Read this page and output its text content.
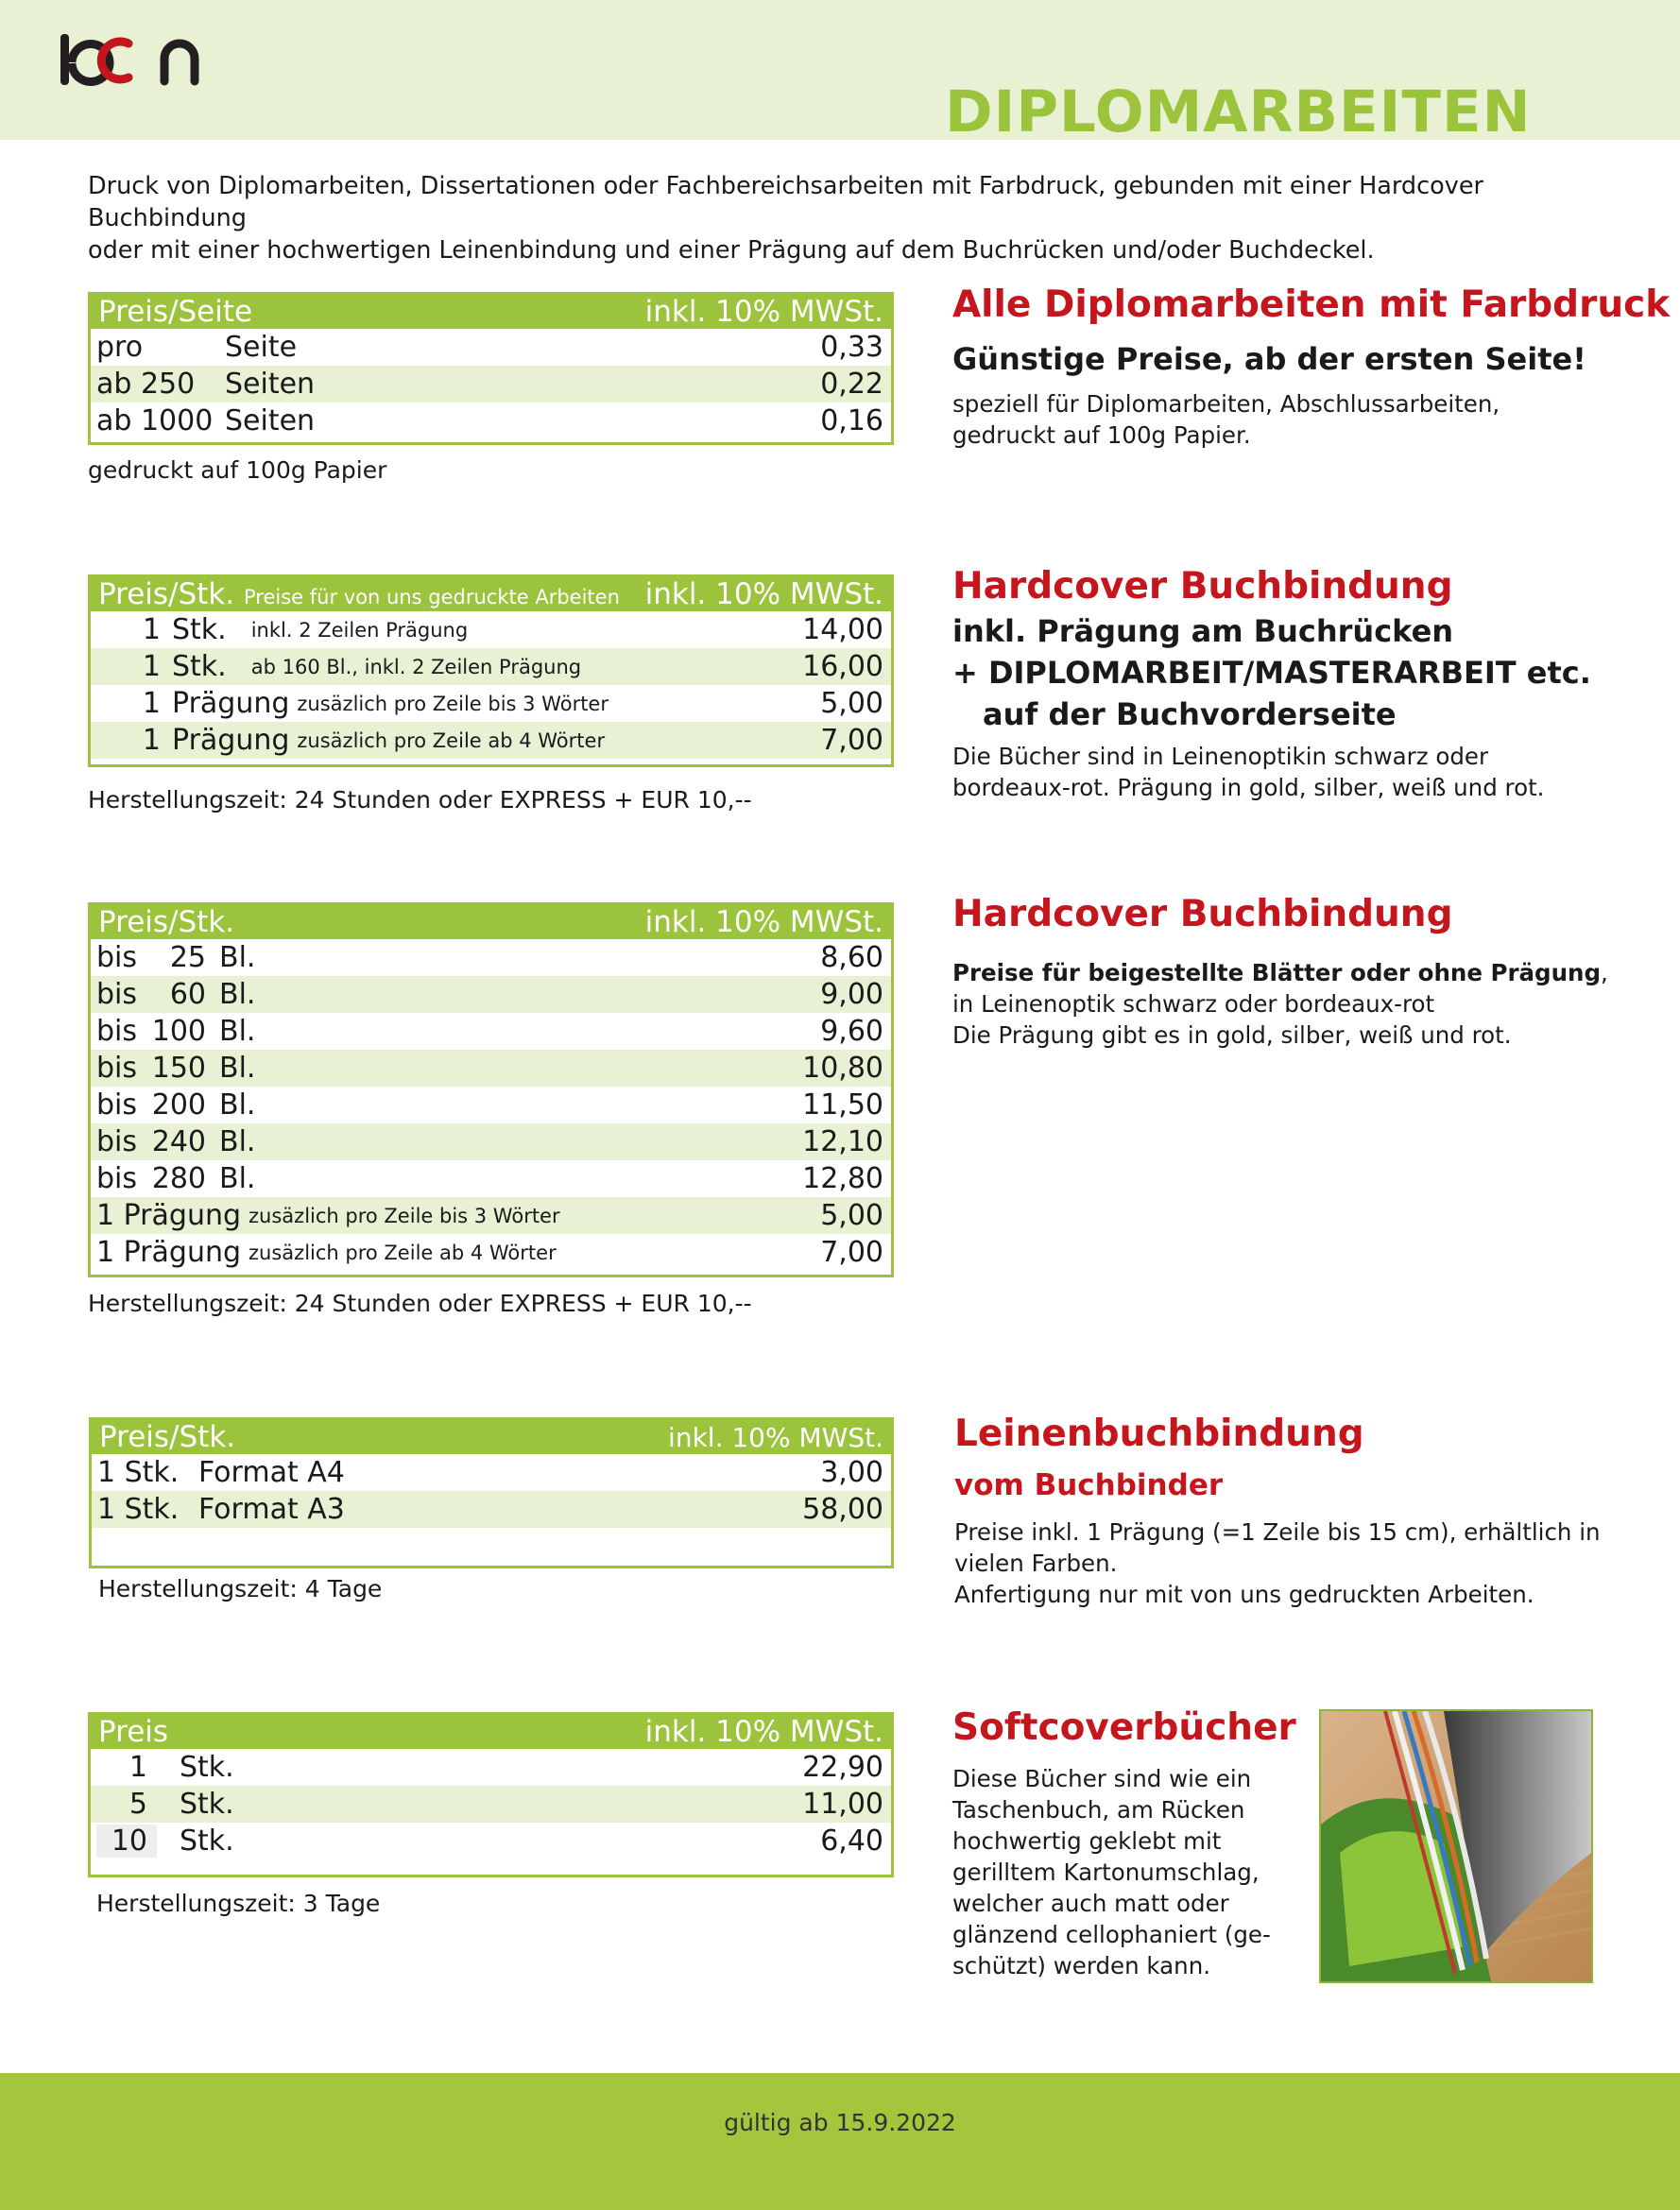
DIPLOMARBEITEN
Druck von Diplomarbeiten, Dissertationen oder Fachbereichsarbeiten mit Farbdruck, gebunden mit einer Hardcover Buchbindung
oder mit einer hochwertigen Leinenbindung und einer Prägung auf dem Buchrücken und/oder Buchdeckel.
Preis/Seite	inkl. 10% MWSt.
pro	Seite	0,33
ab 250	Seiten	0,22
ab 1000 Seiten	0,16
gedruckt auf 100g Papier
Alle Diplomarbeiten mit Farbdruck
Günstige Preise, ab der ersten Seite!
speziell für Diplomarbeiten, Abschlussarbeiten,
gedruckt auf 100g Papier.
Preis/Stk. Preise für von uns gedruckte Arbeiten inkl. 10% MWSt.
1 Stk. inkl. 2 Zeilen Prägung	14,00
1 Stk. ab 160 Bl., inkl. 2 Zeilen Prägung	16,00
1 Prägung zusäzlich pro Zeile bis 3 Wörter	5,00
1 Prägung zusäzlich pro Zeile ab 4 Wörter	7,00
Herstellungszeit: 24 Stunden oder EXPRESS + EUR 10,--
Hardcover Buchbindung
inkl. Prägung am Buchrücken
+ DIPLOMARBEIT/MASTERARBEIT etc.
auf der Buchvorderseite
Die Bücher sind in Leinenoptikin schwarz oder
bordeaux-rot. Prägung in gold, silber, weiß und rot.
Preis/Stk.	inkl. 10% MWSt.
bis	25 Bl.	8,60
bis	60 Bl.	9,00
bis 100 Bl.	9,60
bis 150 Bl.	10,80
bis 200 Bl.	11,50
bis 240 Bl.	12,10
bis 280 Bl.	12,80
1 Prägung zusäzlich pro Zeile bis 3 Wörter	5,00
1 Prägung zusäzlich pro Zeile ab 4 Wörter	7,00
Herstellungszeit: 24 Stunden oder EXPRESS + EUR 10,--
Hardcover Buchbindung
Preise für beigestellte Blätter oder ohne Prägung,
in Leinenoptik schwarz oder bordeaux-rot
Die Prägung gibt es in gold, silber, weiß und rot.
Preis/Stk.	inkl. 10% MWSt.
1 Stk. Format A4	3,00
1 Stk. Format A3	58,00
Herstellungszeit: 4 Tage
Leinenbuchbindung
vom Buchbinder
Preise inkl. 1 Prägung (=1 Zeile bis 15 cm), erhältlich in
vielen Farben.
Anfertigung nur mit von uns gedruckten Arbeiten.
Preis	inkl. 10% MWSt.
1	Stk.	22,90
5	Stk.	11,00
10	Stk.	6,40
Herstellungszeit: 3 Tage
Softcoverbücher
Diese Bücher sind wie ein
Taschenbuch, am Rücken
hochwertig geklebt mit
gerilltem Kartonumschlag,
welcher auch matt oder
glänzend cellophaniert (ge-
schützt) werden kann.
gültig ab 15.9.2022
